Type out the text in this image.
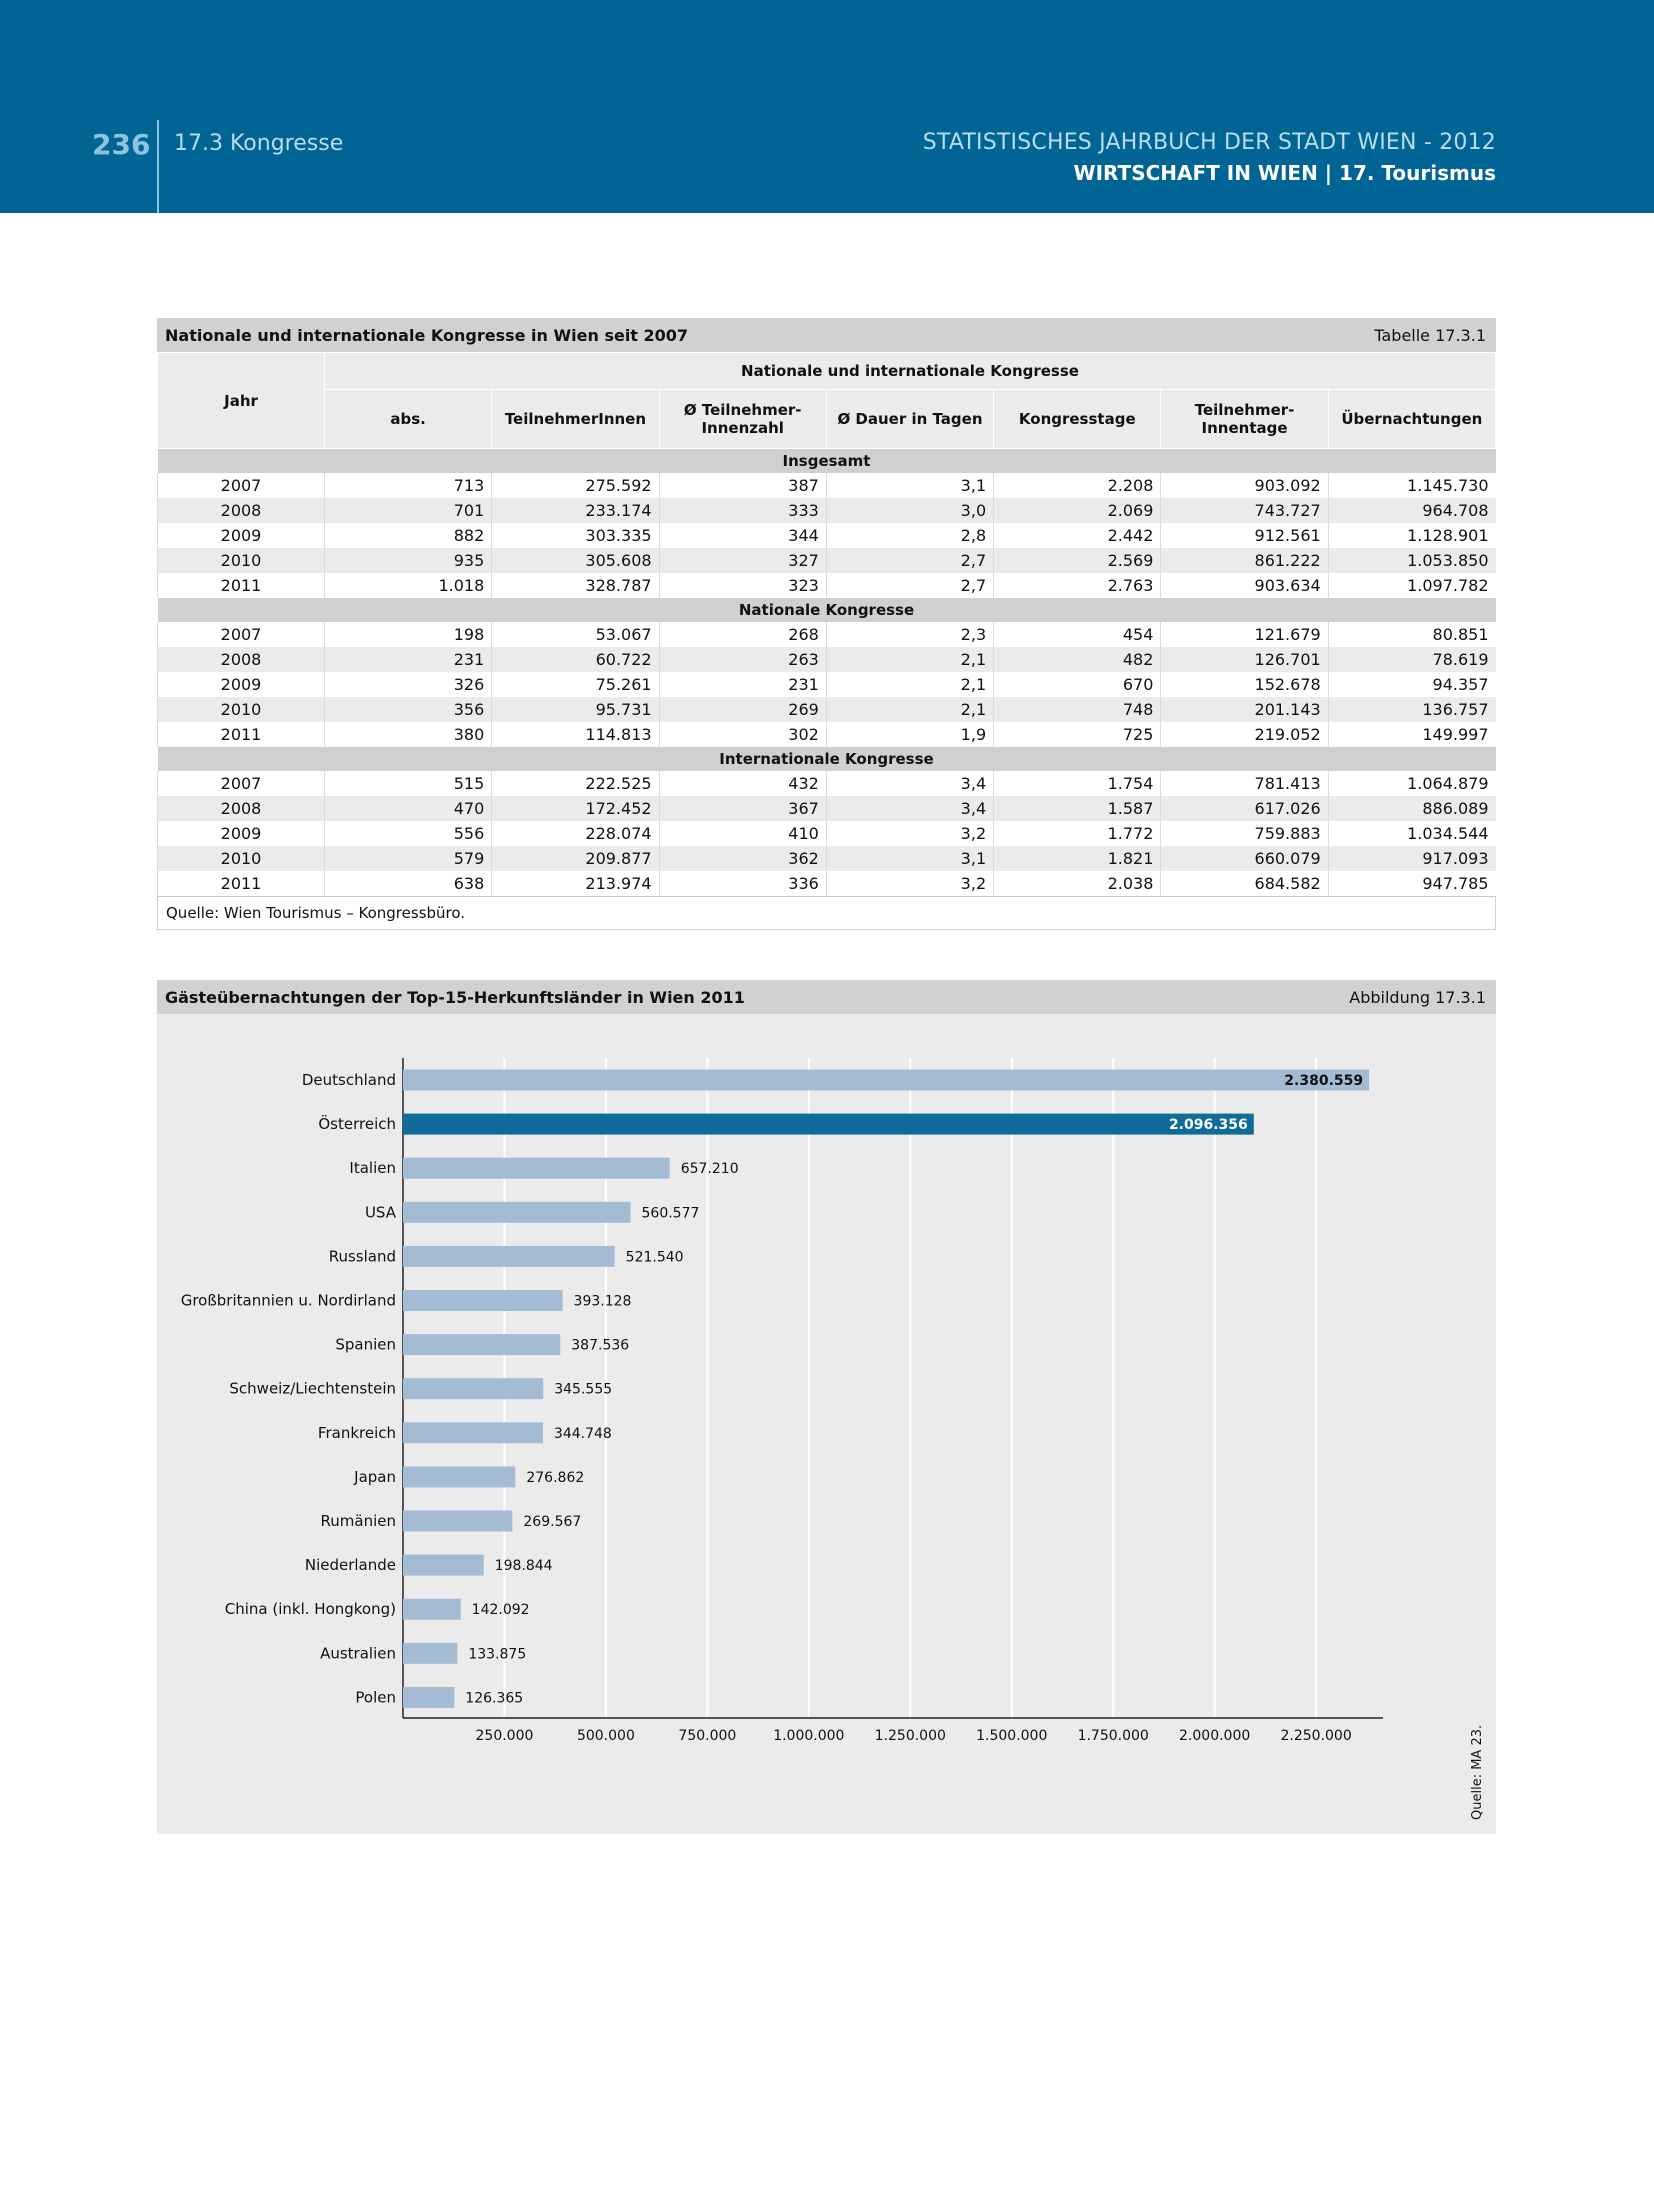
236 17.3 Kongresse	STATISTISCHES JAHRBUCH DER STADT WIEN - 2012
WIRTSCHAFT IN WIEN | 17. Tourismus
Nationale und internationale Kongresse in Wien seit 2007	Tabelle 17.3.1
Jahr	Nationale und internationale Kongresse						
	abs.	TeilnehmerInnen	Ø Teilnehmer-
Innenzahl	Ø Dauer in Tagen	Kongresstage	Teilnehmer-
Innentage	Übernachtungen
Insgesamt							
2007	713	275.592	387	3,1	2.208	903.092	1.145.730
2008	701	233.174	333	3,0	2.069	743.727	964.708
2009	882	303.335	344	2,8	2.442	912.561	1.128.901
2010	935	305.608	327	2,7	2.569	861.222	1.053.850
2011	1.018	328.787	323	2,7	2.763	903.634	1.097.782
Nationale Kongresse							
2007	198	53.067	268	2,3	454	121.679	80.851
2008	231	60.722	263	2,1	482	126.701	78.619
2009	326	75.261	231	2,1	670	152.678	94.357
2010	356	95.731	269	2,1	748	201.143	136.757
2011	380	114.813	302	1,9	725	219.052	149.997
Internationale Kongresse							
2007	515	222.525	432	3,4	1.754	781.413	1.064.879
2008	470	172.452	367	3,4	1.587	617.026	886.089
2009	556	228.074	410	3,2	1.772	759.883	1.034.544
2010	579	209.877	362	3,1	1.821	660.079	917.093
2011	638	213.974	336	3,2	2.038	684.582	947.785
Quelle: Wien Tourismus – Kongressbüro.
Gästeübernachtungen der Top-15-Herkunftsländer in Wien 2011	Abbildung 17.3.1
250.000	500.000	750.000	1.000.000 1.250.000 1.500.000 1.750.000 2.000.000 2.250.000
Deutschland	2.380.559
Österreich	2.096.356
Italien	657.210
USA	560.577
Russland	521.540
Großbritannien u. Nordirland	393.128
Spanien	387.536
Schweiz/Liechtenstein	345.555
Frankreich	344.748
Japan	276.862
Rumänien	269.567
Niederlande	198.844
China (inkl. Hongkong)	142.092
Australien	133.875
Polen	126.365
Quelle: MA 23.
